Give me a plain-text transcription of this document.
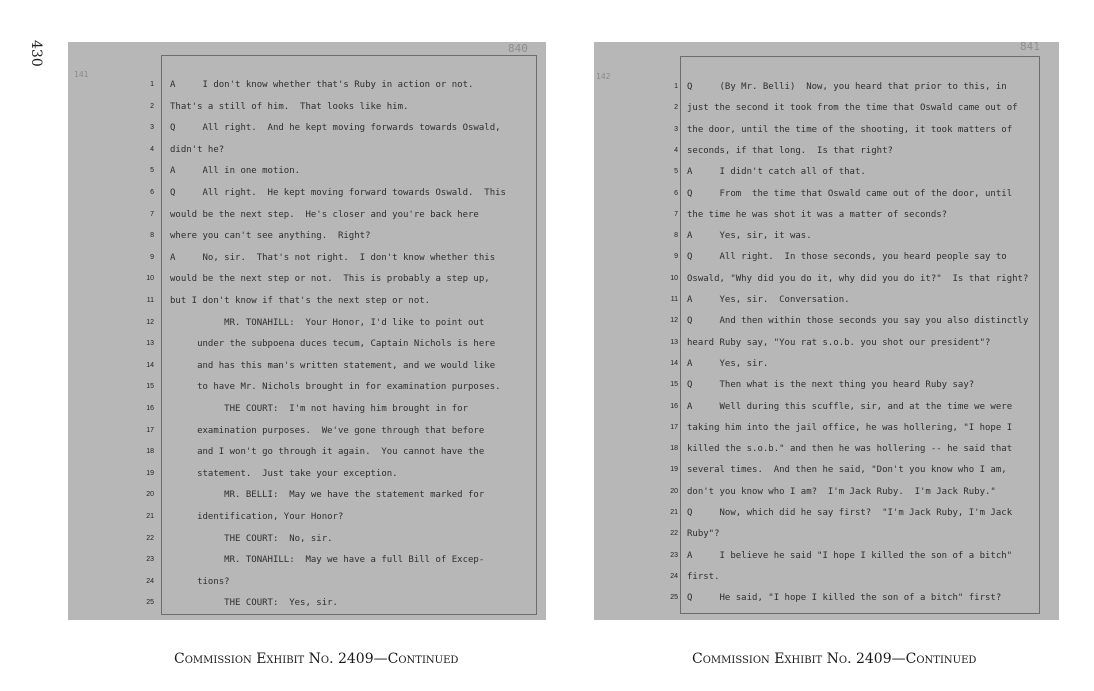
430
141
840
1 A     I don't know whether that's Ruby in action or not.
2 That's a still of him.  That looks like him.
3 Q     All right.  And he kept moving forwards towards Oswald,
4 didn't he?
5 A     All in one motion.
6 Q     All right.  He kept moving forward towards Oswald.  This
7 would be the next step.  He's closer and you're back here
8 where you can't see anything.  Right?
9 A     No, sir.  That's not right.  I don't know whether this
10 would be the next step or not.  This is probably a step up,
11 but I don't know if that's the next step or not.
12 MR. TONAHILL:  Your Honor, I'd like to point out
13 under the subpoena duces tecum, Captain Nichols is here
14 and has this man's written statement, and we would like
15 to have Mr. Nichols brought in for examination purposes.
16 THE COURT:  I'm not having him brought in for
17 examination purposes.  We've gone through that before
18 and I won't go through it again.  You cannot have the
19 statement.  Just take your exception.
20 MR. BELLI:  May we have the statement marked for
21 identification, Your Honor?
22 THE COURT:  No, sir.
23 MR. TONAHILL:  May we have a full Bill of Excep-
24 tions?
25 THE COURT:  Yes, sir.
142
841
1 Q     (By Mr. Belli)  Now, you heard that prior to this, in
2 just the second it took from the time that Oswald came out of
3 the door, until the time of the shooting, it took matters of
4 seconds, if that long.  Is that right?
5 A     I didn't catch all of that.
6 Q     From  the time that Oswald came out of the door, until
7 the time he was shot it was a matter of seconds?
8 A     Yes, sir, it was.
9 Q     All right.  In those seconds, you heard people say to
10 Oswald, "Why did you do it, why did you do it?"  Is that right?
11 A     Yes, sir.  Conversation.
12 Q     And then within those seconds you say you also distinctly
13 heard Ruby say, "You rat s.o.b. you shot our president"?
14 A     Yes, sir.
15 Q     Then what is the next thing you heard Ruby say?
16 A     Well during this scuffle, sir, and at the time we were
17 taking him into the jail office, he was hollering, "I hope I
18 killed the s.o.b." and then he was hollering -- he said that
19 several times.  And then he said, "Don't you know who I am,
20 don't you know who I am?  I'm Jack Ruby.  I'm Jack Ruby."
21 Q     Now, which did he say first?  "I'm Jack Ruby, I'm Jack
22 Ruby"?
23 A     I believe he said "I hope I killed the son of a bitch"
24 first.
25 Q     He said, "I hope I killed the son of a bitch" first?
Commission Exhibit No. 2409—Continued	Commission Exhibit No. 2409—Continued
